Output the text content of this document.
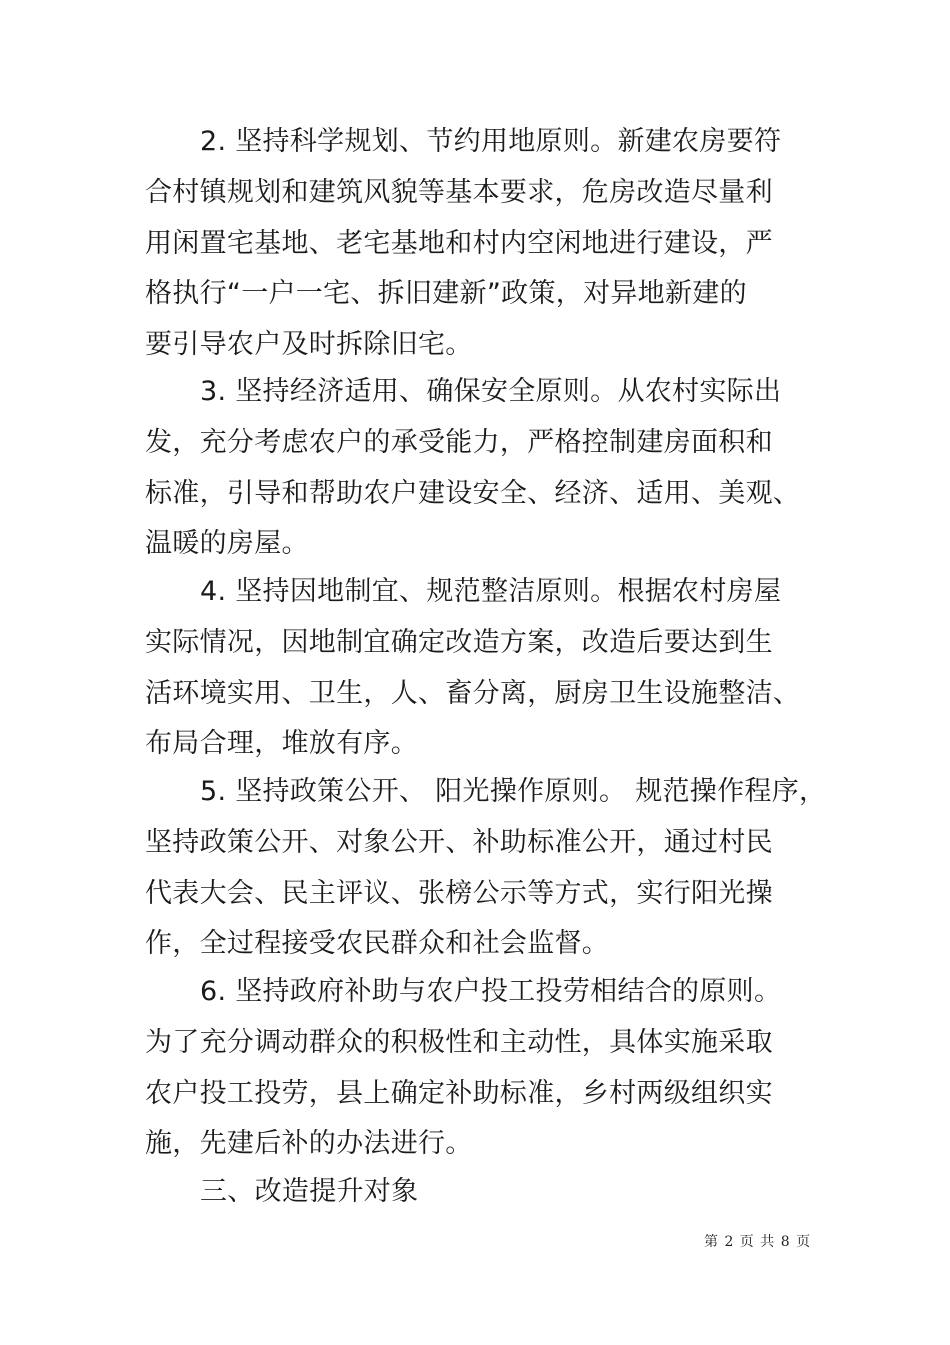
2. 坚持科学规划、节约用地原则。新建农房要符
合村镇规划和建筑风貌等基本要求，危房改造尽量利
用闲置宅基地、老宅基地和村内空闲地进行建设，严
格执行“一户一宅、拆旧建新”政策，对异地新建的
要引导农户及时拆除旧宅。
3. 坚持经济适用、确保安全原则。从农村实际出
发，充分考虑农户的承受能力，严格控制建房面积和
标准，引导和帮助农户建设安全、经济、适用、美观、
温暖的房屋。
4. 坚持因地制宜、规范整洁原则。根据农村房屋
实际情况，因地制宜确定改造方案，改造后要达到生
活环境实用、卫生，人、畜分离，厨房卫生设施整洁、
布局合理，堆放有序。
5. 坚持政策公开、 阳光操作原则。 规范操作程序，
坚持政策公开、对象公开、补助标准公开，通过村民
代表大会、民主评议、张榜公示等方式，实行阳光操
作，全过程接受农民群众和社会监督。
6. 坚持政府补助与农户投工投劳相结合的原则。
为了充分调动群众的积极性和主动性，具体实施采取
农户投工投劳，县上确定补助标准，乡村两级组织实
施，先建后补的办法进行。
三、改造提升对象
第 2 页 共 8 页
